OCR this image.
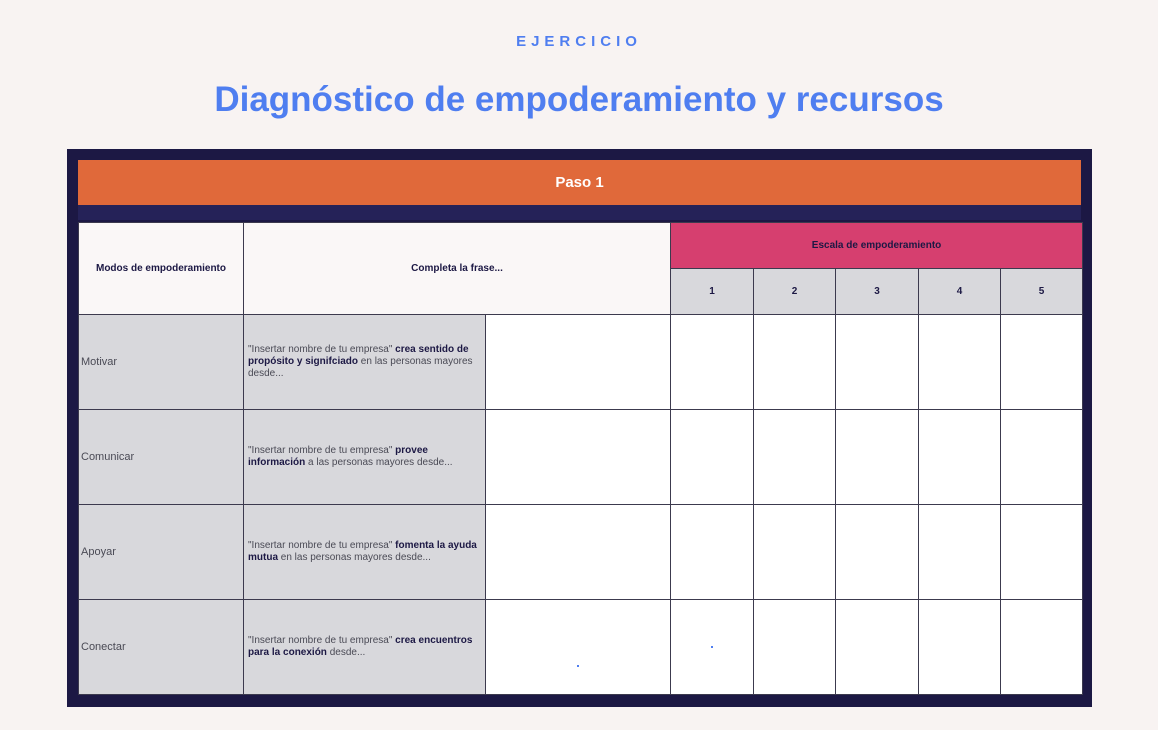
EJERCICIO
Diagnóstico de empoderamiento y recursos
Paso 1
Modos de empoderamiento	Completa la frase...		Escala de empoderamiento				
			1	2	3	4	5
Motivar	"Insertar nombre de tu empresa" crea sentido de propósito y signifciado en las personas mayores desde...						
Comunicar	"Insertar nombre de tu empresa" provee información a las personas mayores desde...						
Apoyar	"Insertar nombre de tu empresa" fomenta la ayuda mutua en las personas mayores desde...						
Conectar	"Insertar nombre de tu empresa" crea encuentros para la conexión desde...	
